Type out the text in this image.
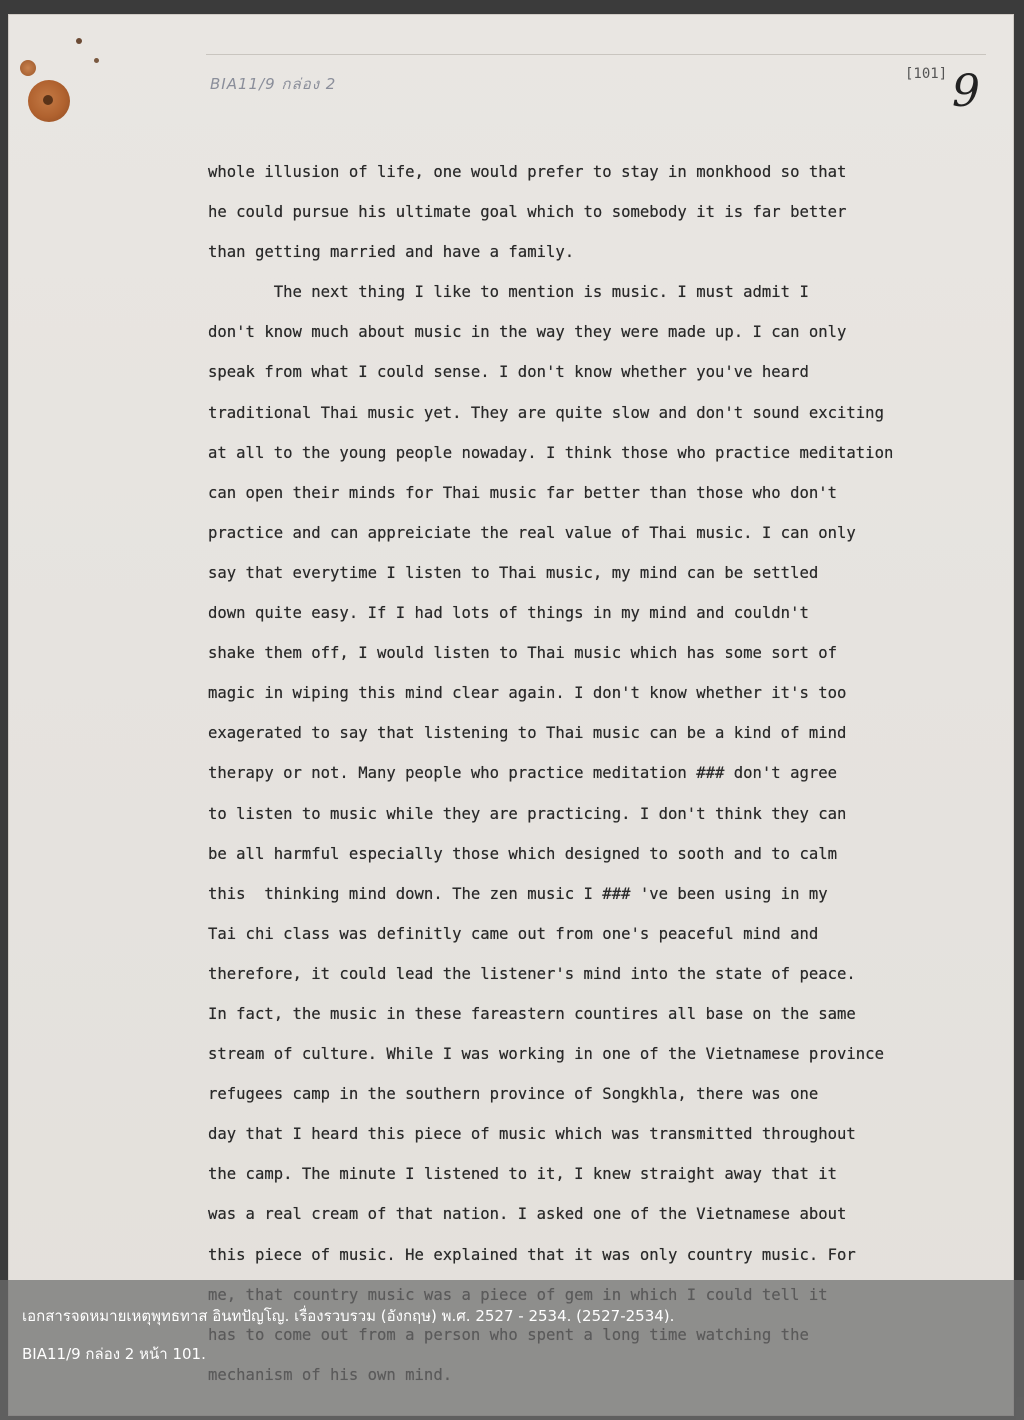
BIA11/9 กล่อง 2
[101] 9
whole illusion of life, one would prefer to stay in monkhood so that
he could pursue his ultimate goal which to somebody it is far better
than getting married and have a family.
The next thing I like to mention is music. I must admit I
don't know much about music in the way they were made up. I can only
speak from what I could sense. I don't know whether you've heard
traditional Thai music yet. They are quite slow and don't sound exciting
at all to the young people nowaday. I think those who practice meditation
can open their minds for Thai music far better than those who don't
practice and can appreiciate the real value of Thai music. I can only
say that everytime I listen to Thai music, my mind can be settled
down quite easy. If I had lots of things in my mind and couldn't
shake them off, I would listen to Thai music which has some sort of
magic in wiping this mind clear again. I don't know whether it's too
exagerated to say that listening to Thai music can be a kind of mind
therapy or not. Many people who practice meditation ### don't agree
to listen to music while they are practicing. I don't think they can
be all harmful especially those which designed to sooth and to calm
this  thinking mind down. The zen music I ### 've been using in my
Tai chi class was definitly came out from one's peaceful mind and
therefore, it could lead the listener's mind into the state of peace.
In fact, the music in these fareastern countires all base on the same
stream of culture. While I was working in one of the Vietnamese province
refugees camp in the southern province of Songkhla, there was one
day that I heard this piece of music which was transmitted throughout
the camp. The minute I listened to it, I knew straight away that it
was a real cream of that nation. I asked one of the Vietnamese about
this piece of music. He explained that it was only country music. For
เอกสารจดหมายเหตุพุทธทาส อินทปัญโญ. เรื่องรวบรวม (อังกฤษ) พ.ศ. 2527 - 2534. (2527-2534).
BIA11/9 กล่อง 2 หน้า 101.
